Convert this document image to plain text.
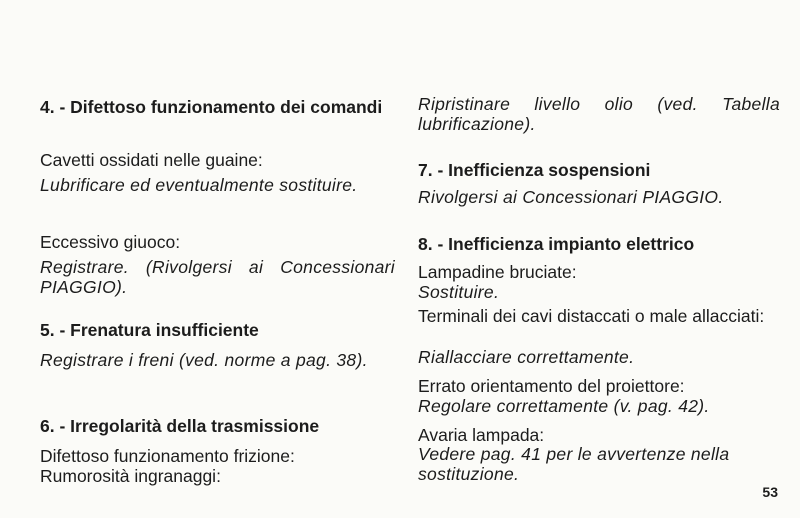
4. - Difettoso funzionamento dei comandi
Cavetti ossidati nelle guaine:
Lubrificare ed eventualmente sostituire.
Eccessivo giuoco:
Registrare. (Rivolgersi ai Concessionari PIAGGIO).
5. - Frenatura insufficiente
Registrare i freni (ved. norme a pag. 38).
6. - Irregolarità della trasmissione
Difettoso funzionamento frizione:
Rumorosità ingranaggi:
Ripristinare livello olio (ved. Tabella lubrificazione).
7. - Inefficienza sospensioni
Rivolgersi ai Concessionari PIAGGIO.
8. - Inefficienza impianto elettrico
Lampadine bruciate:
Sostituire.
Terminali dei cavi distaccati o male allacciati:
Riallacciare correttamente.
Errato orientamento del proiettore:
Regolare correttamente (v. pag. 42).
Avaria lampada:
Vedere pag. 41 per le avvertenze nella sostituzione.
53
